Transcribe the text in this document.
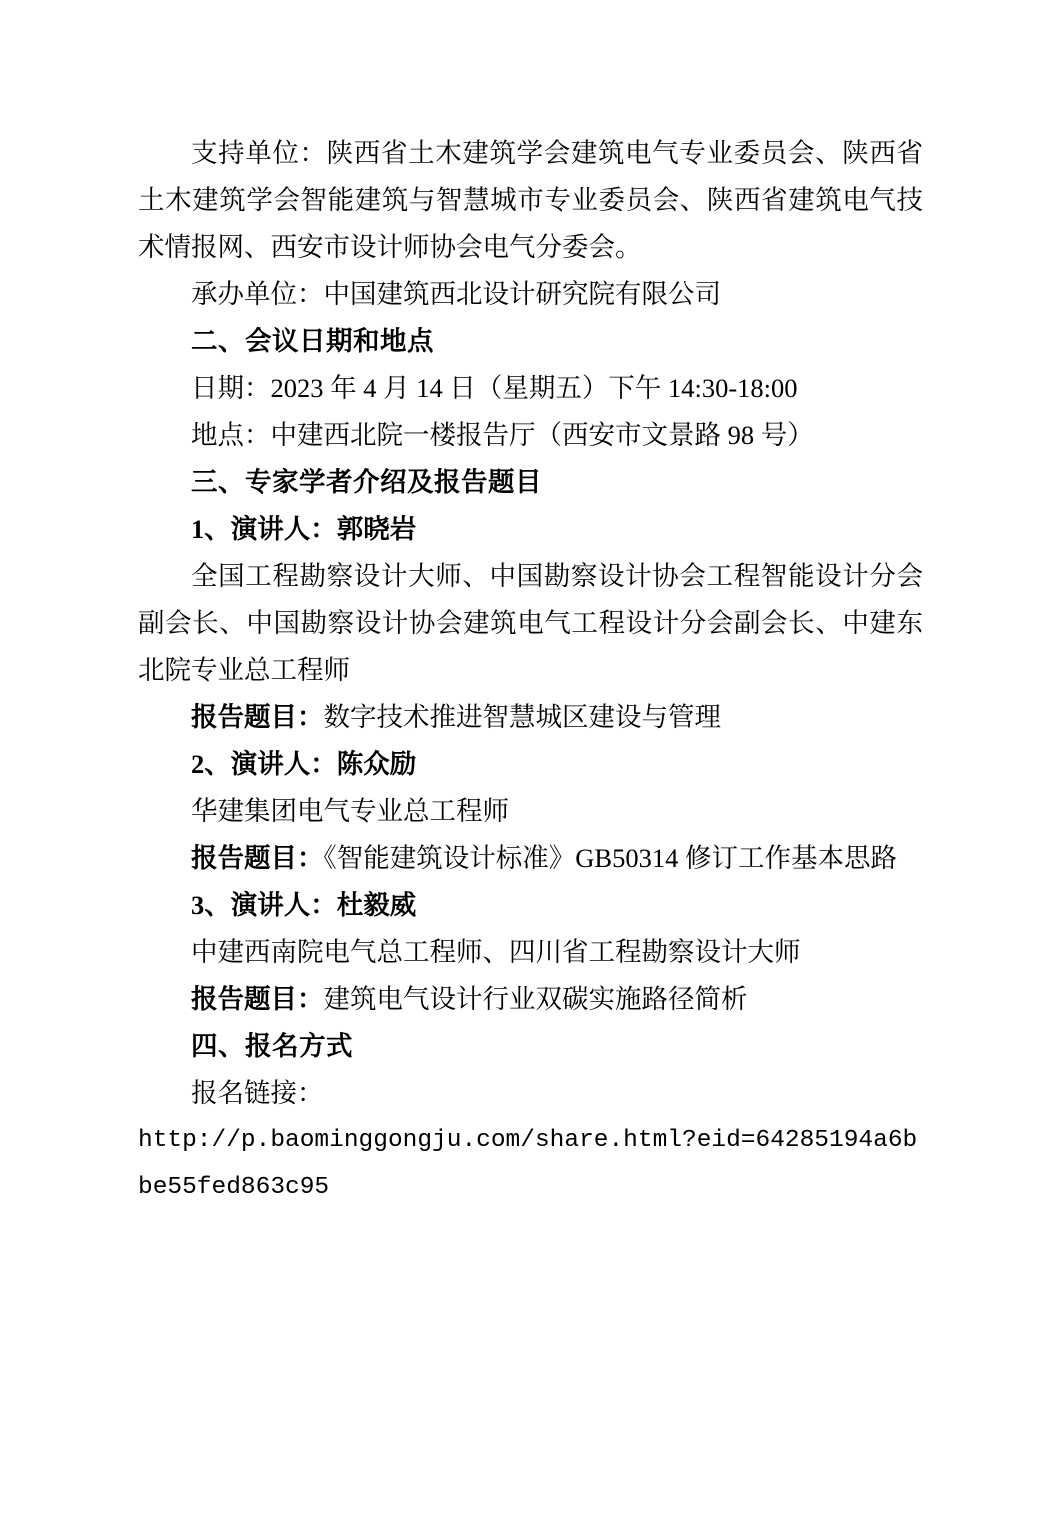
支持单位：陕西省土木建筑学会建筑电气专业委员会、陕西省土木建筑学会智能建筑与智慧城市专业委员会、陕西省建筑电气技术情报网、西安市设计师协会电气分委会。

承办单位：中国建筑西北设计研究院有限公司

二、会议日期和地点

日期：2023 年 4 月 14 日（星期五）下午 14:30-18:00

地点：中建西北院一楼报告厅（西安市文景路 98 号）

三、专家学者介绍及报告题目

1、演讲人：郭晓岩

全国工程勘察设计大师、中国勘察设计协会工程智能设计分会副会长、中国勘察设计协会建筑电气工程设计分会副会长、中建东北院专业总工程师

报告题目：数字技术推进智慧城区建设与管理

2、演讲人：陈众励

华建集团电气专业总工程师

报告题目：《智能建筑设计标准》GB50314 修订工作基本思路

3、演讲人：杜毅威

中建西南院电气总工程师、四川省工程勘察设计大师

报告题目：建筑电气设计行业双碳实施路径简析

四、报名方式

报名链接：

http://p.baominggongju.com/share.html?eid=64285194a6bbe55fed863c95
